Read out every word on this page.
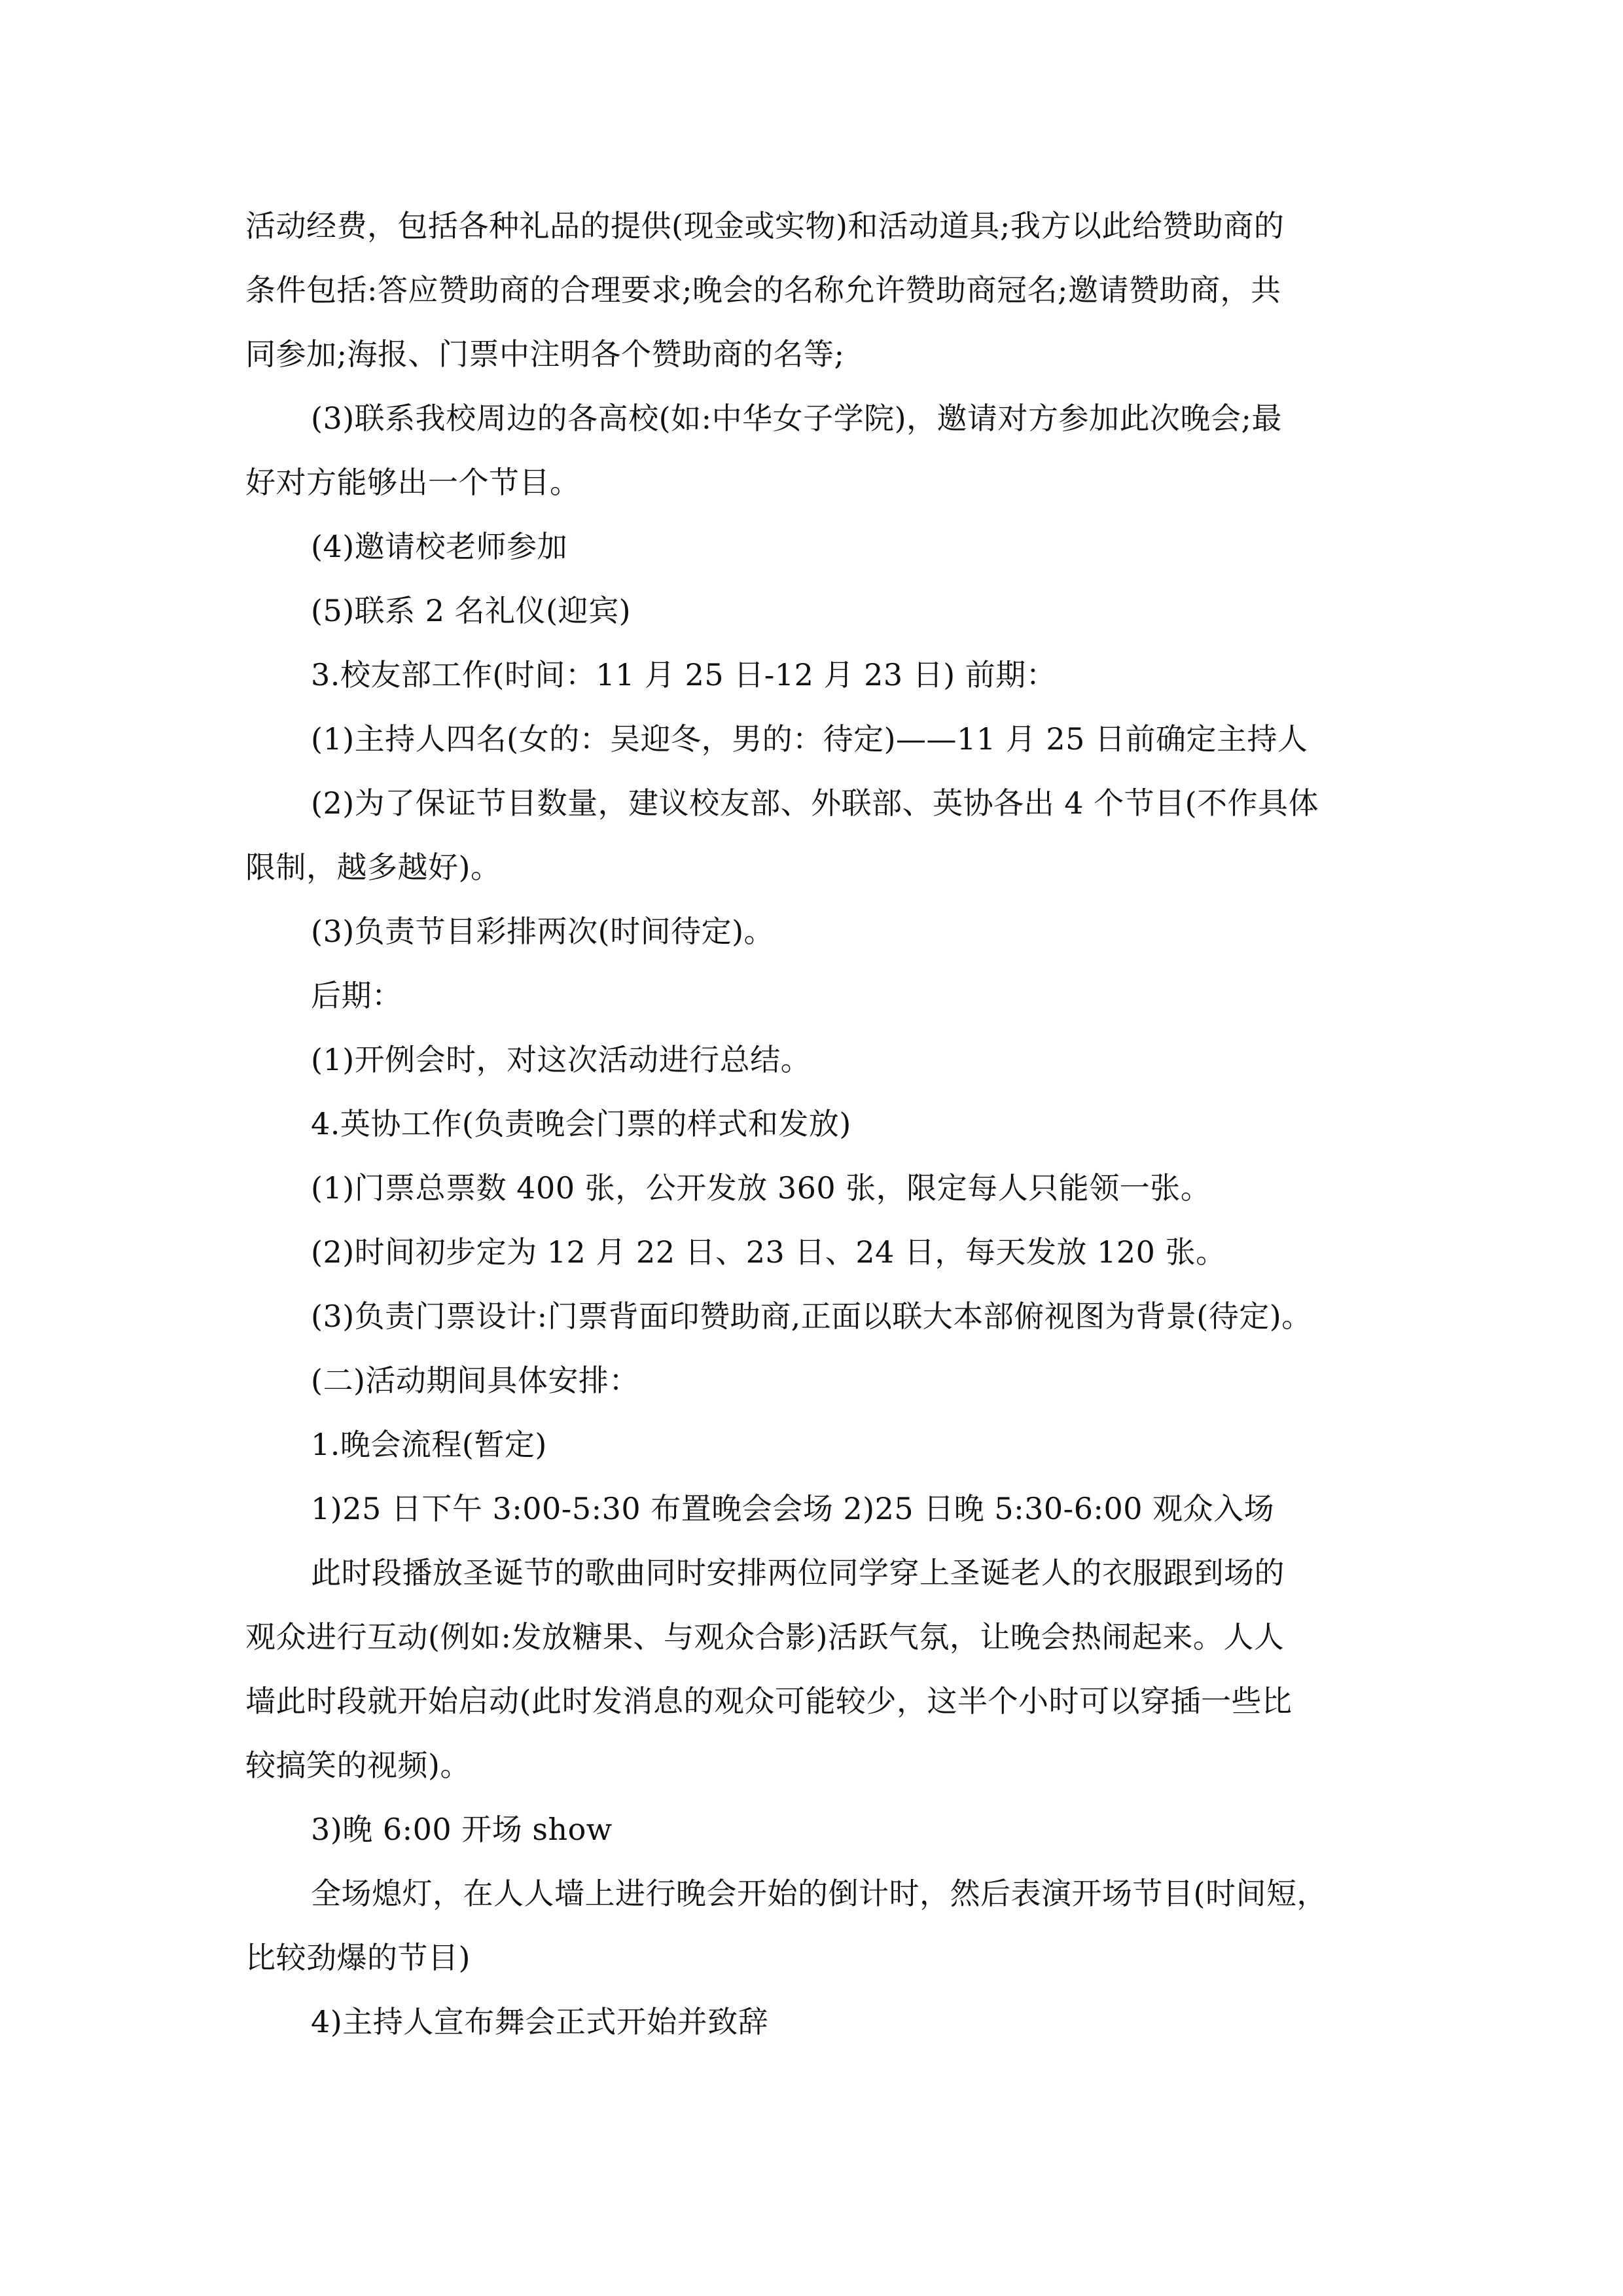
活动经费，包括各种礼品的提供(现金或实物)和活动道具;我方以此给赞助商的
条件包括:答应赞助商的合理要求;晚会的名称允许赞助商冠名;邀请赞助商，共
同参加;海报、门票中注明各个赞助商的名等;
(3)联系我校周边的各高校(如:中华女子学院)，邀请对方参加此次晚会;最
好对方能够出一个节目。
(4)邀请校老师参加
(5)联系 2 名礼仪(迎宾)
3.校友部工作(时间：11 月 25 日-12 月 23 日) 前期：
(1)主持人四名(女的：吴迎冬，男的：待定)——11 月 25 日前确定主持人
(2)为了保证节目数量，建议校友部、外联部、英协各出 4 个节目(不作具体
限制，越多越好)。
(3)负责节目彩排两次(时间待定)。
后期：
(1)开例会时，对这次活动进行总结。
4.英协工作(负责晚会门票的样式和发放)
(1)门票总票数 400 张，公开发放 360 张，限定每人只能领一张。
(2)时间初步定为 12 月 22 日、23 日、24 日，每天发放 120 张。
(3)负责门票设计:门票背面印赞助商,正面以联大本部俯视图为背景(待定)。
(二)活动期间具体安排：
1.晚会流程(暂定)
1)25 日下午 3:00-5:30 布置晚会会场 2)25 日晚 5:30-6:00 观众入场
此时段播放圣诞节的歌曲同时安排两位同学穿上圣诞老人的衣服跟到场的
观众进行互动(例如:发放糖果、与观众合影)活跃气氛，让晚会热闹起来。人人
墙此时段就开始启动(此时发消息的观众可能较少，这半个小时可以穿插一些比
较搞笑的视频)。
3)晚 6:00 开场 show
全场熄灯，在人人墙上进行晚会开始的倒计时，然后表演开场节目(时间短，
比较劲爆的节目)
4)主持人宣布舞会正式开始并致辞
